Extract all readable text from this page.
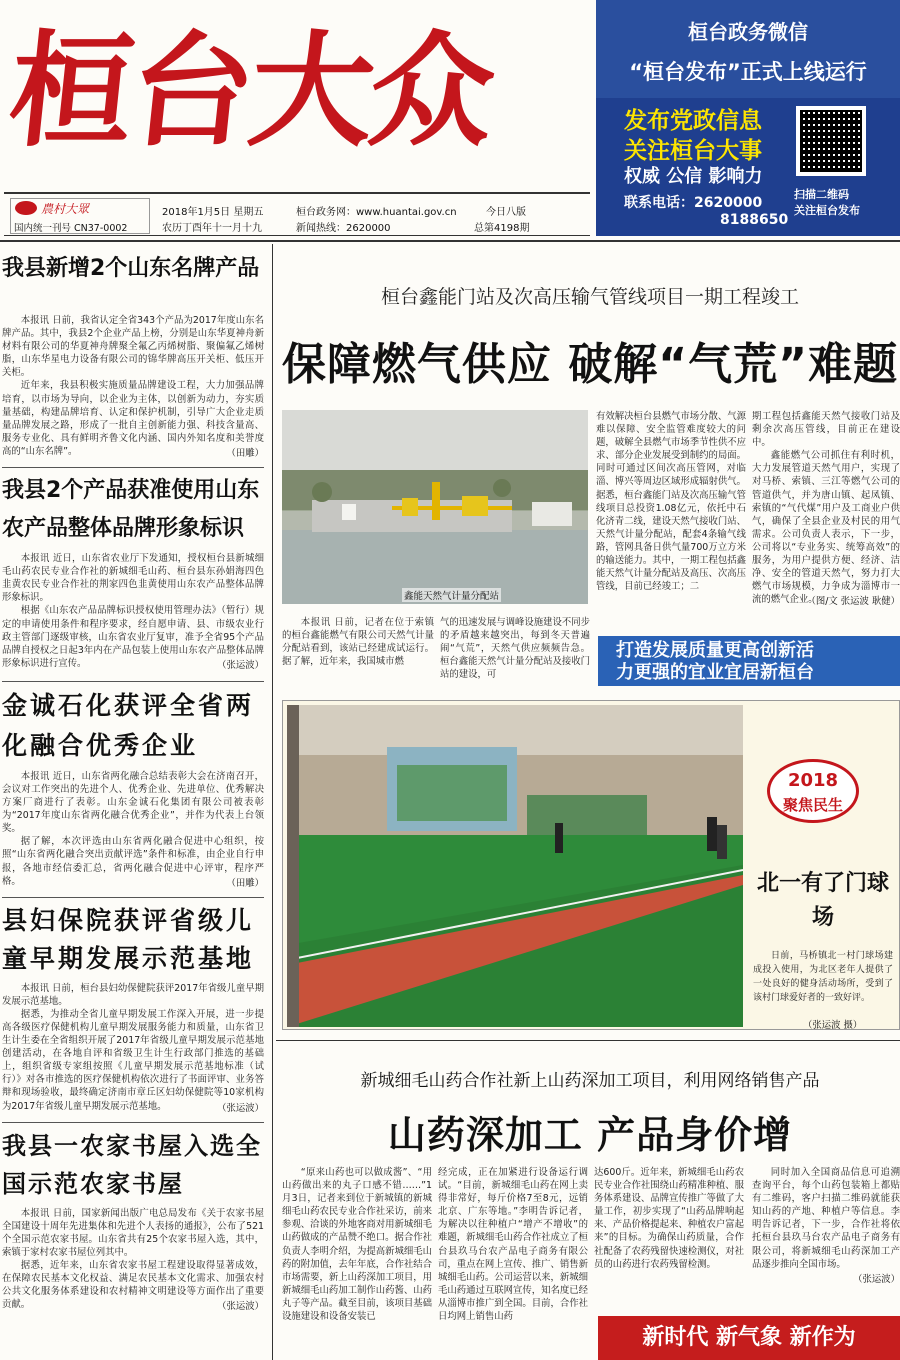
桓台大众
農村大眾
国内统一刊号 CN37-0002
2018年1月5日 星期五
农历丁酉年十一月十九
桓台政务网：www.huantai.gov.cn
新闻热线：2620000
今日八版
总第4198期
桓台政务微信
“桓台发布”正式上线运行
发布党政信息
关注桓台大事
权威 公信 影响力
联系电话：2620000
8188650
扫描二维码
关注桓台发布
我县新增2个山东名牌产品

本报讯 日前，我省认定全省343个产品为2017年度山东名牌产品。其中，我县2个企业产品上榜，分别是山东华夏神舟新材料有限公司的华夏神舟牌聚全氟乙丙烯树脂、聚偏氟乙烯树脂，山东华星电力设备有限公司的锦华牌高压开关柜、低压开关柜。

近年来，我县积极实施质量品牌建设工程，大力加强品牌培育，以市场为导向，以企业为主体，以创新为动力，夯实质量基础，构建品牌培育、认定和保护机制，引导广大企业走质量品牌发展之路，形成了一批自主创新能力强、科技含量高、服务专业化、具有鲜明齐鲁文化内涵、国内外知名度和美誉度高的“山东名牌”。	（田雕）
我县2个产品获准使用山东农产品整体品牌形象标识

本报讯 近日，山东省农业厅下发通知，授权桓台县新城细毛山药农民专业合作社的新城细毛山药、桓台县东孙娟海四色韭黄农民专业合作社的荆家四色韭黄使用山东农产品整体品牌形象标识。

根据《山东农产品品牌标识授权使用管理办法》（暂行）规定的申请使用条件和程序要求，经自愿申请、县、市级农业行政主管部门逐级审核，山东省农业厅复审，准予全省95个产品品牌自授权之日起3年内在产品包装上使用山东农产品整体品牌形象标识进行宣传。	（张运波）
金诚石化获评全省两化融合优秀企业

本报讯 近日，山东省两化融合总结表彰大会在济南召开，会议对工作突出的先进个人、优秀企业、先进单位、优秀解决方案厂商进行了表彰。山东金诚石化集团有限公司被表彰为“2017年度山东省两化融合优秀企业”，并作为代表上台领奖。

据了解，本次评选由山东省两化融合促进中心组织，按照“山东省两化融合突出贡献评选”条件和标准，由企业自行申报，各地市经信委汇总，省两化融合促进中心评审，程序严格。	（田雕）
县妇保院获评省级儿童早期发展示范基地

本报讯 日前，桓台县妇幼保健院获评2017年省级儿童早期发展示范基地。

据悉，为推动全省儿童早期发展工作深入开展，进一步提高各级医疗保健机构儿童早期发展服务能力和质量，山东省卫生计生委在全省组织开展了2017年省级儿童早期发展示范基地创建活动，在各地自评和省级卫生计生行政部门推选的基础上，组织省级专家组按照《儿童早期发展示范基地标准（试行）》对各市推选的医疗保健机构依次进行了书面评审、业务答辩和现场验收，最终确定济南市章丘区妇幼保健院等10家机构为2017年省级儿童早期发展示范基地。	（张运波）
我县一农家书屋入选全国示范农家书屋

本报讯 日前，国家新闻出版广电总局发布《关于农家书屋全国建设十周年先进集体和先进个人表扬的通报》，公布了521个全国示范农家书屋。山东省共有25个农家书屋入选，其中，索镇于家村农家书屋位列其中。

据悉，近年来，山东省农家书屋工程建设取得显著成效，在保障农民基本文化权益、满足农民基本文化需求、加强农村公共文化服务体系建设和农村精神文明建设等方面作出了重要贡献。	（张运波）
桓台鑫能门站及次高压输气管线项目一期工程竣工
保障燃气供应 破解“气荒”难题
鑫能天然气计量分配站

本报讯 日前，记者在位于索镇的桓台鑫能燃气有限公司天然气计量分配站看到，该站已经建成试运行。据了解，近年来，我国城市燃

气的迅速发展与调峰设施建设不同步的矛盾越来越突出，每到冬天普遍闹“气荒”，天然气供应频频告急。桓台鑫能天然气计量分配站及接收门站的建设，可

有效解决桓台县燃气市场分散、气源难以保障、安全监管难度较大的问题，破解全县燃气市场季节性供不应求、部分企业发展受到制约的局面。同时可通过区间次高压管网，对临淄、博兴等周边区域形成辐射供气。据悉，桓台鑫能门站及次高压输气管线项目总投资1.08亿元，依托中石化济青二线，建设天然气接收门站、天然气计量分配站，配套4条输气线路，管网具备日供气量700万立方米的输送能力。其中，一期工程包括鑫能天然气计量分配站及高压、次高压管线，目前已经竣工；二

期工程包括鑫能天然气接收门站及剩余次高压管线，目前正在建设中。

鑫能燃气公司抓住有利时机，大力发展管道天然气用户，实现了对马桥、索镇、三江等燃气公司的管道供气，并为唐山镇、起凤镇、索镇的“气代煤”用户及工商业户供气，确保了全县企业及村民的用气需求。公司负责人表示，下一步，公司将以“专业务实、统筹高效”的服务，为用户提供方便、经济、洁净、安全的管道天然气，努力打大燃气市场规模，力争成为淄博市一流的燃气企业。

（图/文 张运波 耿健）
打造发展质量更高创新活
力更强的宜业宜居新桓台
2018
聚焦民生
北一有了门球场

日前，马桥镇北一村门球场建成投入使用，为北区老年人提供了一处良好的健身活动场所，受到了该村门球爱好者的一致好评。

（张运波 摄）
新城细毛山药合作社新上山药深加工项目，利用网络销售产品
山药深加工 产品身价增

“原来山药也可以做成酱”、“用山药做出来的丸子口感不错……”1月3日，记者来到位于新城镇的新城细毛山药农民专业合作社采访，前来参观、洽谈的外地客商对用新城细毛山药做成的产品赞不绝口。据合作社负责人李明介绍，为提高新城细毛山药的附加值，去年年底，合作社结合市场需要，新上山药深加工项目，用新城细毛山药加工制作山药酱、山药丸子等产品。截至目前，该项目基础设施建设和设备安装已

经完成，正在加紧进行设备运行调试。“目前，新城细毛山药在网上卖得非常好，每斤价格7至8元，远销北京、广东等地。”李明告诉记者，为解决以往种植户“增产不增收”的难题，新城细毛山药合作社成立了桓台县玖马台农产品电子商务有限公司，重点在网上宣传、推广、销售新城细毛山药。公司运营以来，新城细毛山药通过互联网宣传，知名度已经从淄博市推广到全国。目前，合作社日均网上销售山药

达600斤。近年来，新城细毛山药农民专业合作社围绕山药精准种植、服务体系建设、品牌宣传推广等做了大量工作，初步实现了“山药品牌响起来、产品价格提起来、种植农户富起来”的目标。为确保山药质量，合作社配备了农药残留快速检测仪，对社员的山药进行农药残留检测。

同时加入全国商品信息可追溯查询平台，每个山药包装箱上都贴有二维码，客户扫描二维码就能获知山药的产地、种植户等信息。李明告诉记者，下一步，合作社将依托桓台县玖马台农产品电子商务有限公司，将新城细毛山药深加工产品逐步推向全国市场。

（张运波）
新时代 新气象 新作为
